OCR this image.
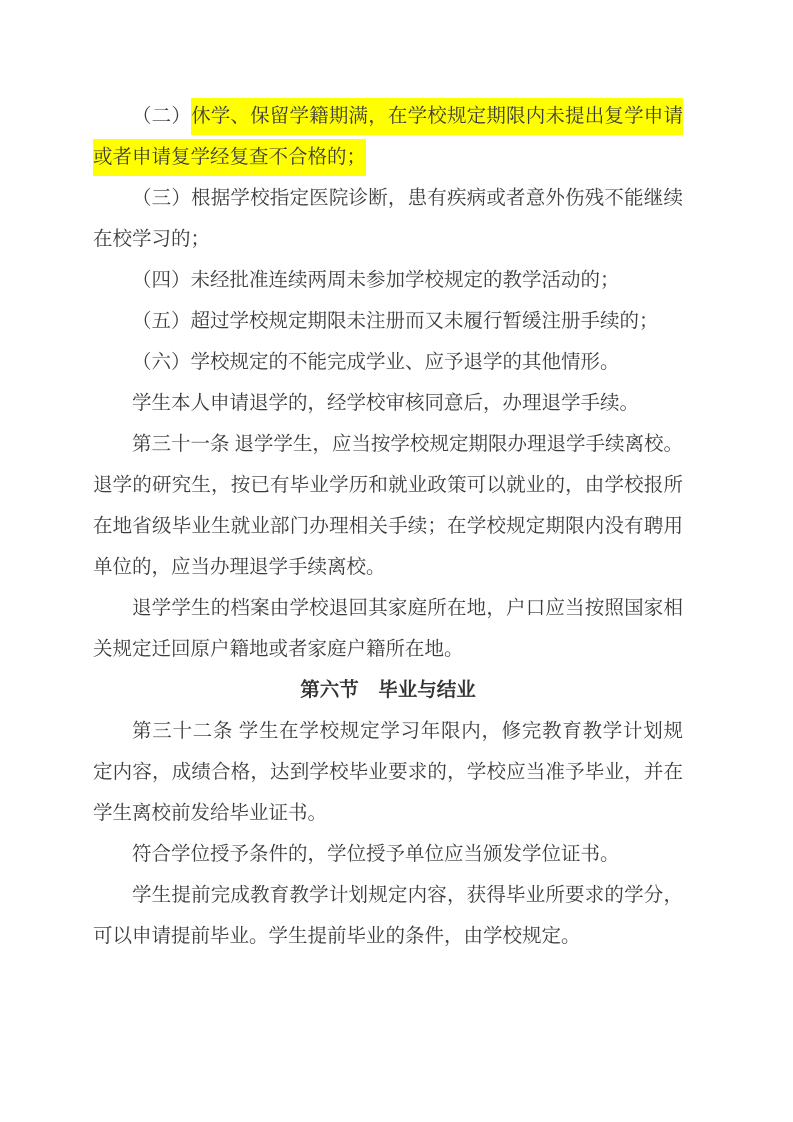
（二）休学、保留学籍期满，在学校规定期限内未提出复学申请
或者申请复学经复查不合格的；
（三）根据学校指定医院诊断，患有疾病或者意外伤残不能继续
在校学习的；
（四）未经批准连续两周未参加学校规定的教学活动的；
（五）超过学校规定期限未注册而又未履行暂缓注册手续的；
（六）学校规定的不能完成学业、应予退学的其他情形。
学生本人申请退学的，经学校审核同意后，办理退学手续。
第三十一条 退学学生，应当按学校规定期限办理退学手续离校。
退学的研究生，按已有毕业学历和就业政策可以就业的，由学校报所
在地省级毕业生就业部门办理相关手续；在学校规定期限内没有聘用
单位的，应当办理退学手续离校。
退学学生的档案由学校退回其家庭所在地，户口应当按照国家相
关规定迁回原户籍地或者家庭户籍所在地。
第六节　毕业与结业
第三十二条 学生在学校规定学习年限内，修完教育教学计划规
定内容，成绩合格，达到学校毕业要求的，学校应当准予毕业，并在
学生离校前发给毕业证书。
符合学位授予条件的，学位授予单位应当颁发学位证书。
学生提前完成教育教学计划规定内容，获得毕业所要求的学分，
可以申请提前毕业。学生提前毕业的条件，由学校规定。
